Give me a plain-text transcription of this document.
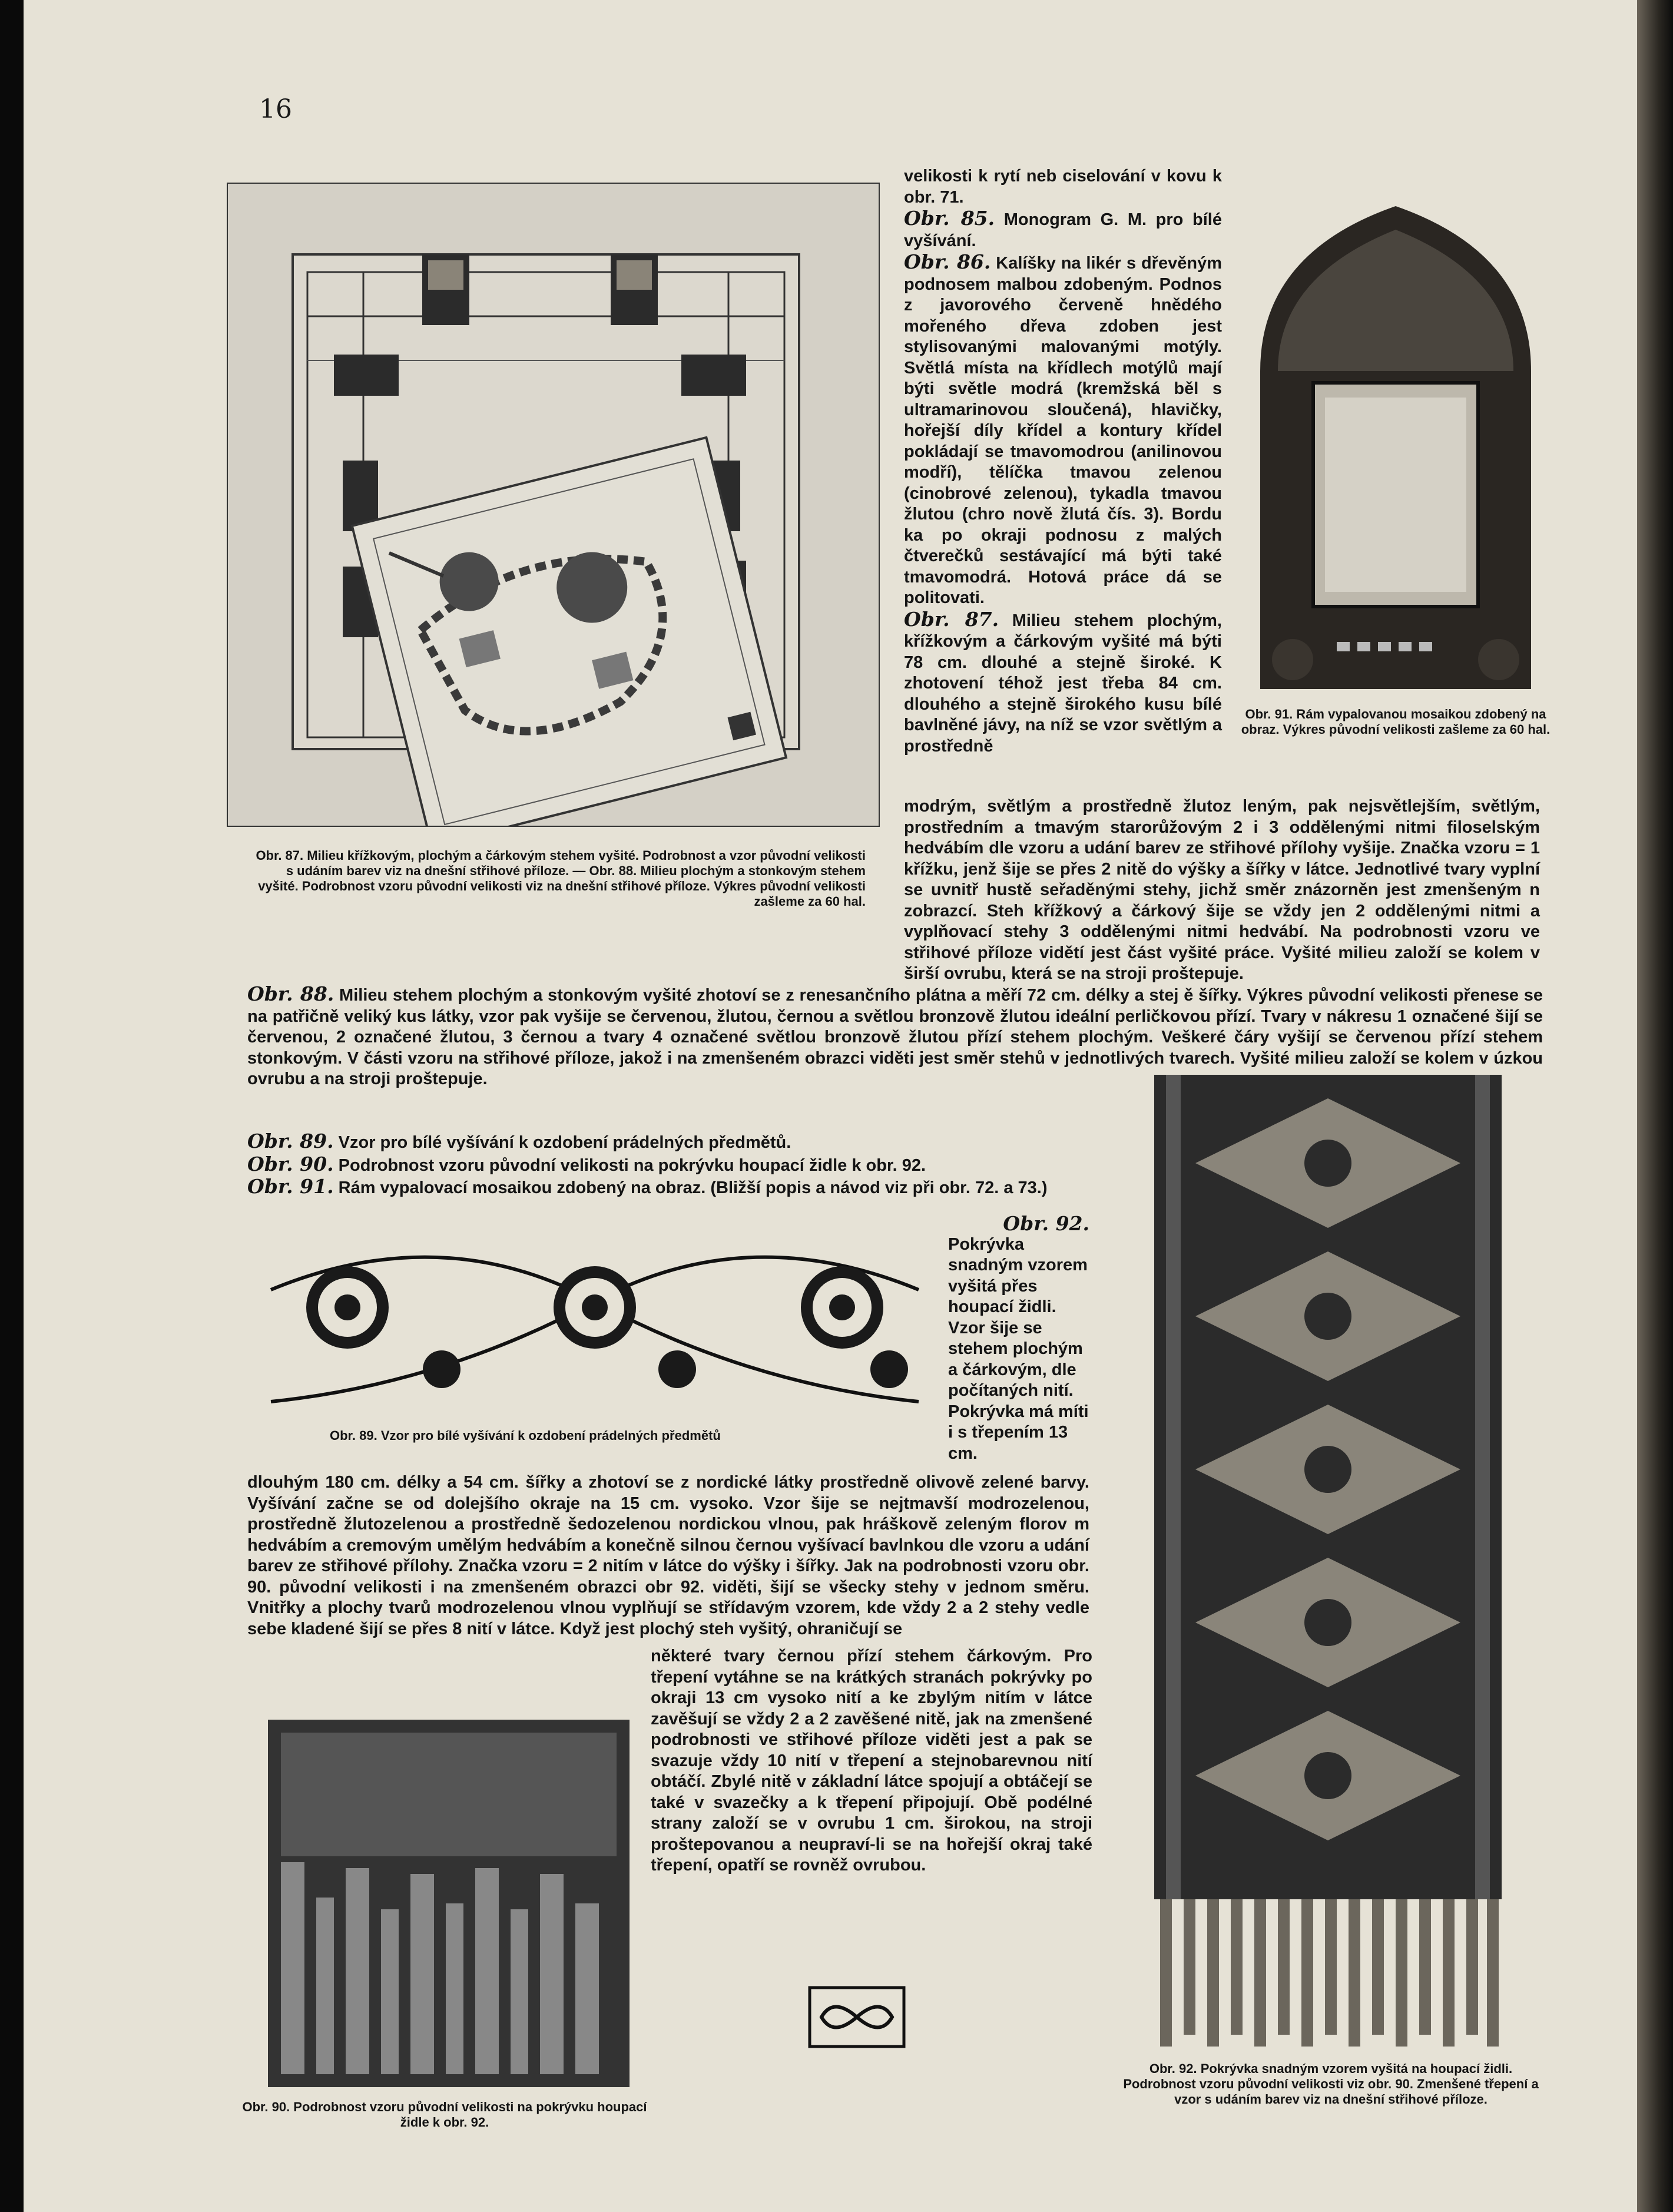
16

Obr. 87. Milieu křížkovým, plochým a čárkovým stehem vyšité. Podrobnost a vzor původní velikosti s udáním barev viz na dnešní střihové příloze. — Obr. 88. Milieu plochým a stonkovým stehem vyšité. Podrobnost vzoru původní velikosti viz na dnešní střihové příloze. Výkres původní velikosti zašleme za 60 hal.

velikosti k rytí neb ciselování v kovu k obr. 71.

Obr. 85. Monogram G. M. pro bílé vyšívání.

Obr. 86. Kalíšky na likér s dřevěným podnosem malbou zdobeným. Podnos z javorového červeně hnědého mořeného dřeva zdoben jest stylisovanými malovanými motýly. Světlá místa na křídlech motýlů mají býti světle modrá (kremžská běl s ultramarinovou sloučená), hlavičky, hořejší díly křídel a kontury křídel pokládají se tmavomodrou (anilinovou modří), tělíčka tmavou zelenou (cinobrové zelenou), tykadla tmavou žlutou (chro nově žlutá čís. 3). Bordu ka po okraji podnosu z malých čtverečků sestávající má býti také tmavomodrá. Hotová práce dá se politovati.

Obr. 87. Milieu stehem plochým, křížkovým a čárkovým vyšité má býti 78 cm. dlouhé a stejně široké. K zhotovení téhož jest třeba 84 cm. dlouhého a stejně širokého kusu bílé bavlněné jávy, na níž se vzor světlým a prostředně

Obr. 91. Rám vypalovanou mosaikou zdobený na obraz. Výkres původní velikosti zašleme za 60 hal.

modrým, světlým a prostředně žlutoz leným, pak nejsvětlejším, světlým, prostředním a tmavým starorůžovým 2 i 3 oddělenými nitmi filoselským hedvábím dle vzoru a udání barev ze střihové přílohy vyšije. Značka vzoru = 1 křížku, jenž šije se přes 2 nitě do výšky a šířky v látce. Jednotlivé tvary vyplní se uvnitř hustě seřaděnými stehy, jichž směr znázorněn jest zmenšeným n zobrazcí. Steh křížkový a čárkový šije se vždy jen 2 oddělenými nitmi a vyplňovací stehy 3 oddělenými nitmi hedvábí. Na podrobnosti vzoru ve střihové příloze vidětí jest část vyšité práce. Vyšité milieu založí se kolem v širší ovrubu, která se na stroji proštepuje.
Obr. 88. Milieu stehem plochým a stonkovým vyšité zhotoví se z renesančního plátna a měří 72 cm. délky a stej ě šířky. Výkres původní velikosti přenese se na patřičně veliký kus látky, vzor pak vyšije se červenou, žlutou, černou a světlou bronzově žlutou ideální perličkovou přízí. Tvary v nákresu 1 označené šijí se červenou, 2 označené žlutou, 3 černou a tvary 4 označené světlou bronzově žlutou přízí stehem plochým. Veškeré čáry vyšijí se červenou přízí stehem stonkovým. V části vzoru na střihové příloze, jakož i na zmenšeném obrazci viděti jest směr stehů v jednotlivých tvarech. Vyšité milieu založí se kolem v úzkou ovrubu a na stroji proštepuje.

Obr. 89. Vzor pro bílé vyšívání k ozdobení prádelných předmětů.

Obr. 90. Podrobnost vzoru původní velikosti na pokrývku houpací židle k obr. 92.

Obr. 91. Rám vypalovací mosaikou zdobený na obraz. (Bližší popis a návod viz při obr. 72. a 73.)

Obr. 89. Vzor pro bílé vyšívání k ozdobení prádelných předmětů

Obr. 92.

Pokrývka snadným vzorem vyšitá přes houpací židli. Vzor šije se stehem plochým a čárkovým, dle počítaných nití. Pokrývka má míti i s třepením 13 cm.

dlouhým 180 cm. délky a 54 cm. šířky a zhotoví se z nordické látky prostředně olivově zelené barvy. Vyšívání začne se od dolejšího okraje na 15 cm. vysoko. Vzor šije se nejtmavší modrozelenou, prostředně žlutozelenou a prostředně šedozelenou nordickou vlnou, pak hráškově zeleným florov m hedvábím a cremovým umělým hedvábím a konečně silnou černou vyšívací bavlnkou dle vzoru a udání barev ze střihové přílohy. Značka vzoru = 2 nitím v látce do výšky i šířky. Jak na podrobnosti vzoru obr. 90. původní velikosti i na zmenšeném obrazci obr 92. viděti, šijí se všecky stehy v jednom směru. Vnitřky a plochy tvarů modrozelenou vlnou vyplňují se střídavým vzorem, kde vždy 2 a 2 stehy vedle sebe kladené šijí se přes 8 nití v látce. Když jest plochý steh vyšitý, ohraničují se

Obr. 90. Podrobnost vzoru původní velikosti na pokrývku houpací židle k obr. 92.

některé tvary černou přízí stehem čárkovým. Pro třepení vytáhne se na krátkých stranách pokrývky po okraji 13 cm vysoko nití a ke zbylým nitím v látce zavěšují se vždy 2 a 2 zavěšené nitě, jak na zmenšené podrobnosti ve střihové příloze viděti jest a pak se svazuje vždy 10 nití v třepení a stejnobarevnou nití obtáčí. Zbylé nitě v základní látce spojují a obtáčejí se také v svazečky a k třepení připojují. Obě podélné strany založí se v ovrubu 1 cm. širokou, na stroji proštepovanou a neupraví-li se na hořejší okraj také třepení, opatří se rovněž ovrubou.

Obr. 92. Pokrývka snadným vzorem vyšitá na houpací židli. Podrobnost vzoru původní velikosti viz obr. 90. Zmenšené třepení a vzor s udáním barev viz na dnešní střihové příloze.
